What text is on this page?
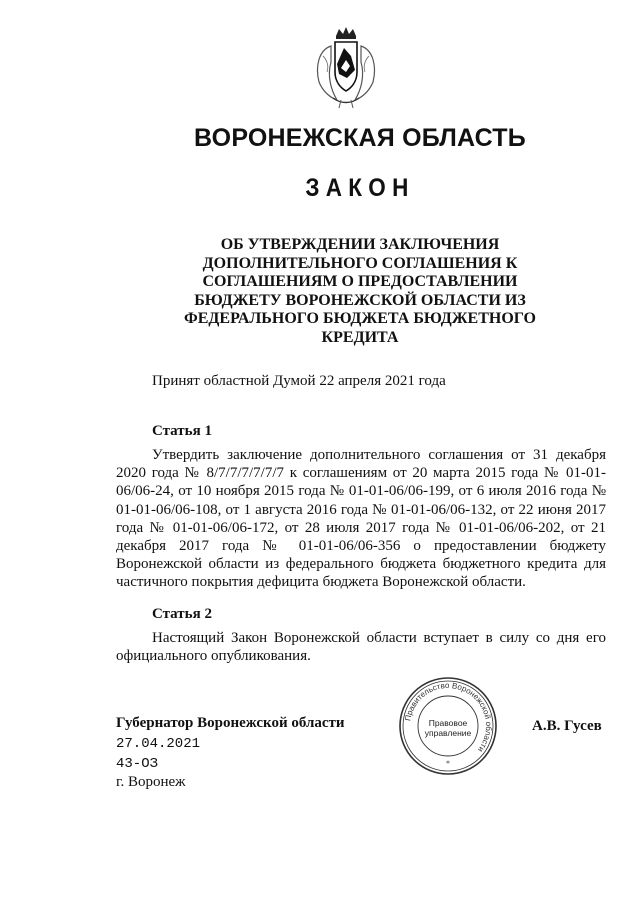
ВОРОНЕЖСКАЯ ОБЛАСТЬ
ЗАКОН
ОБ УТВЕРЖДЕНИИ ЗАКЛЮЧЕНИЯ
ДОПОЛНИТЕЛЬНОГО СОГЛАШЕНИЯ К
СОГЛАШЕНИЯМ О ПРЕДОСТАВЛЕНИИ
БЮДЖЕТУ ВОРОНЕЖСКОЙ ОБЛАСТИ ИЗ
ФЕДЕРАЛЬНОГО БЮДЖЕТА БЮДЖЕТНОГО
КРЕДИТА
Принят областной Думой 22 апреля 2021 года
Статья 1
Утвердить заключение дополнительного соглашения от 31 декабря 2020 года № 8/7/7/7/7/7/7 к соглашениям от 20 марта 2015 года № 01-01-06/06-24, от 10 ноября 2015 года № 01-01-06/06-199, от 6 июля 2016 года № 01-01-06/06-108, от 1 августа 2016 года № 01-01-06/06-132, от 22 июня 2017 года № 01-01-06/06-172, от 28 июля 2017 года № 01-01-06/06-202, от 21 декабря 2017 года № 01-01-06/06-356 о предоставлении бюджету Воронежской области из федерального бюджета бюджетного кредита для частичного покрытия дефицита бюджета Воронежской области.
Статья 2
Настоящий Закон Воронежской области вступает в силу со дня его официального опубликования.
Губернатор Воронежской области	А.В. Гусев
27.04.2021
43-ОЗ
г. Воронеж
Правительство Воронежской области
*
Правовое
управление
